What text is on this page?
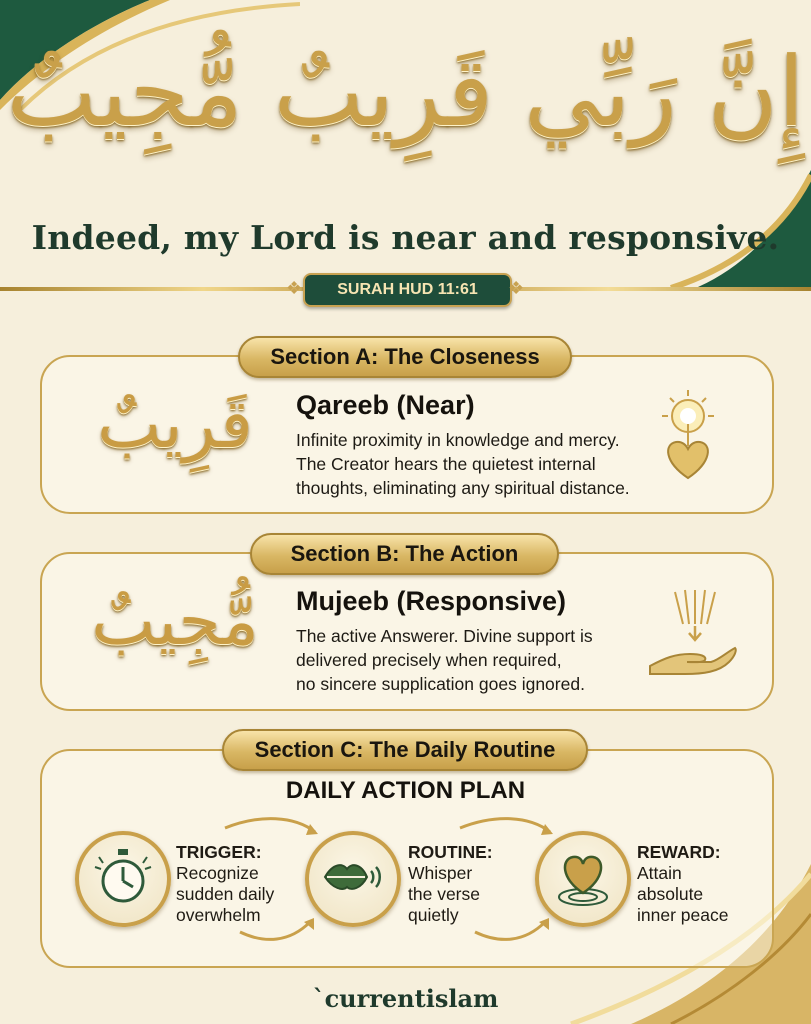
إِنَّ رَبِّي قَرِيبٌ مُّجِيبٌ
Indeed, my Lord is near and responsive.
SURAH HUD 11:61
❖	❖
Section A: The Closeness
قَرِيبٌ	Qareeb (Near)
Infinite proximity in knowledge and mercy.
The Creator hears the quietest internal
thoughts, eliminating any spiritual distance.
Section B: The Action
مُّجِيبٌ	Mujeeb (Responsive)
The active Answerer. Divine support is
delivered precisely when required,
no sincere supplication goes ignored.
Section C: The Daily Routine
DAILY ACTION PLAN
TRIGGER:
Recognize
sudden daily
overwhelm
ROUTINE:
Whisper
the verse
quietly
REWARD:
Attain
absolute
inner peace
`currentislam
